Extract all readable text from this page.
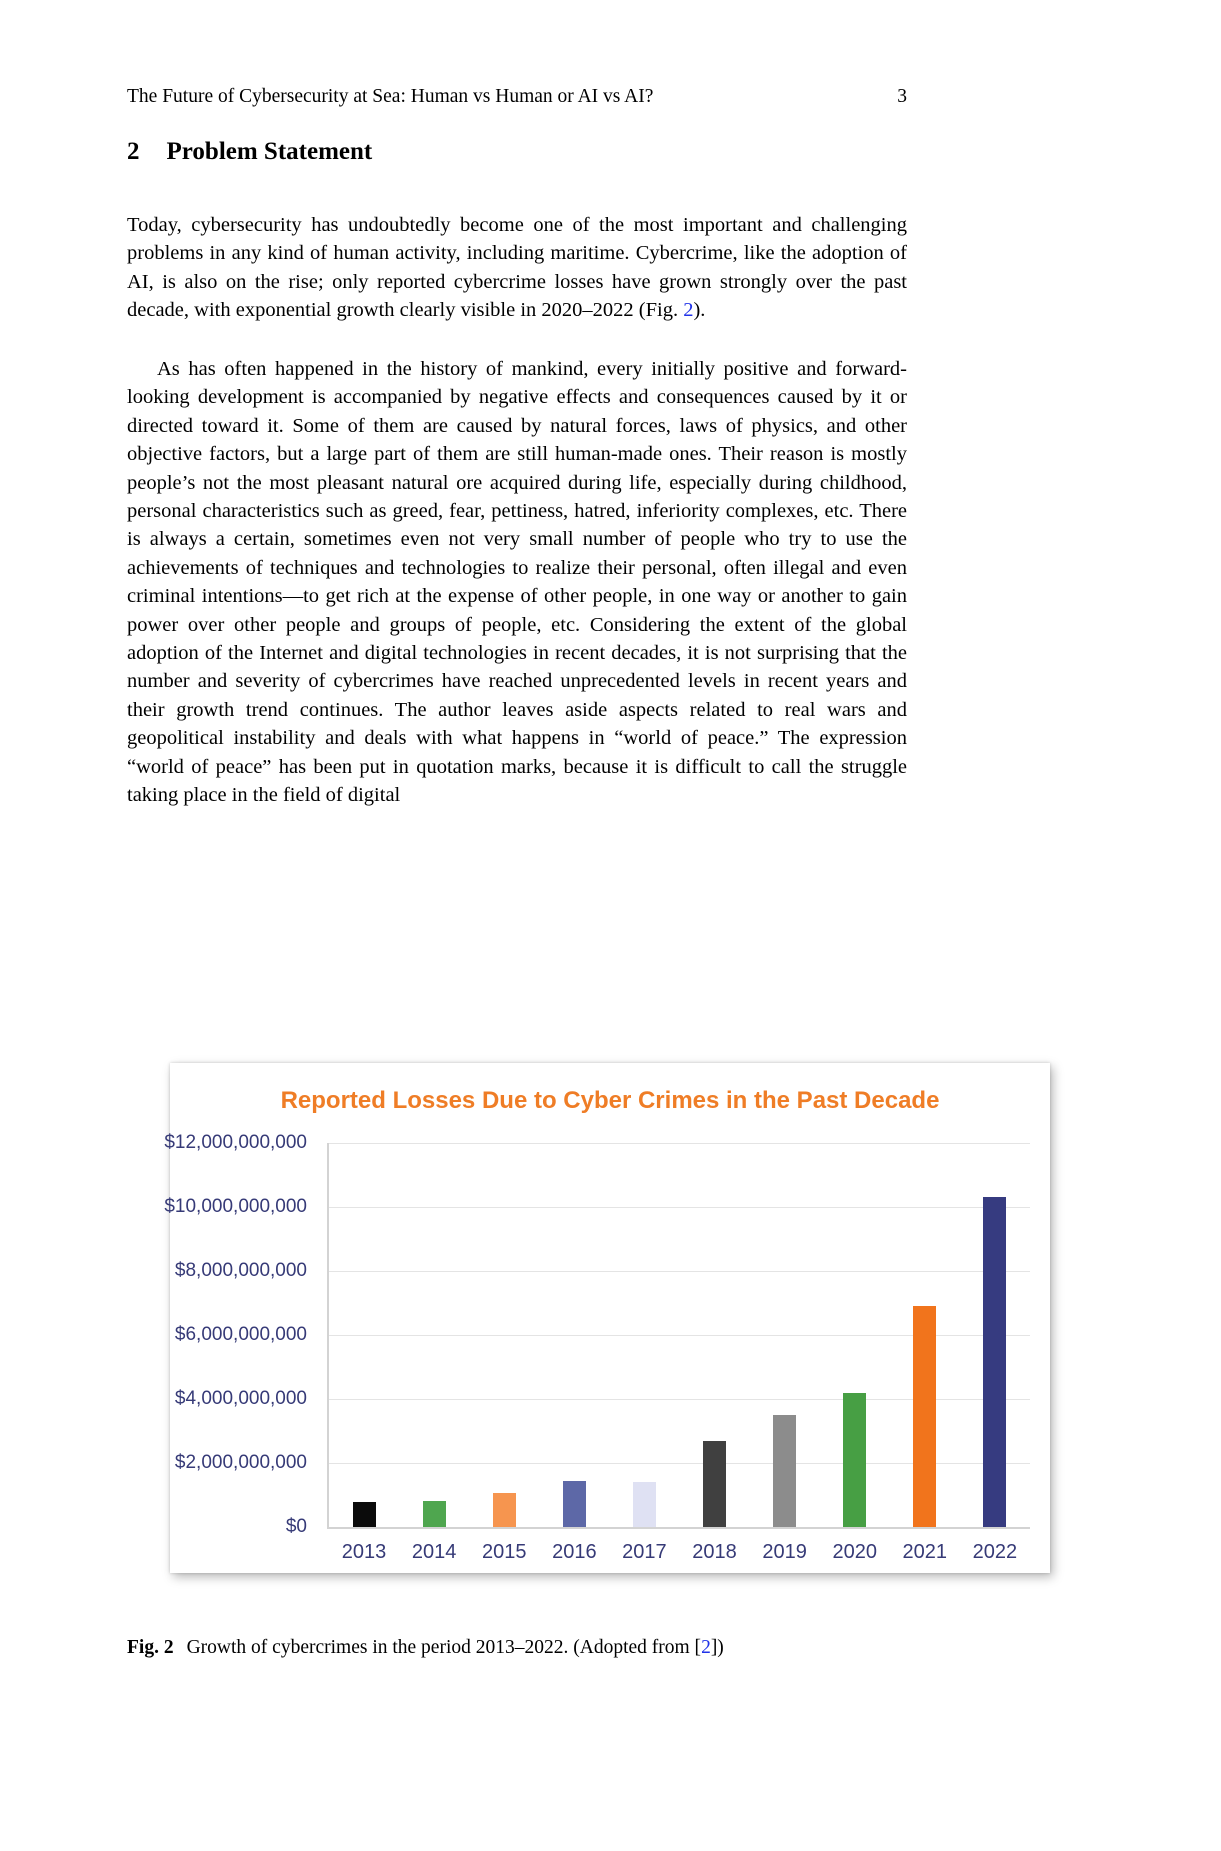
The Future of Cybersecurity at Sea: Human vs Human or AI vs AI?	3
2 Problem Statement

Today, cybersecurity has undoubtedly become one of the most important and challenging problems in any kind of human activity, including maritime. Cybercrime, like the adoption of AI, is also on the rise; only reported cybercrime losses have grown strongly over the past decade, with exponential growth clearly visible in 2020–2022 (Fig. 2).

As has often happened in the history of mankind, every initially positive and forward-looking development is accompanied by negative effects and consequences caused by it or directed toward it. Some of them are caused by natural forces, laws of physics, and other objective factors, but a large part of them are still human-made ones. Their reason is mostly people’s not the most pleasant natural ore acquired during life, especially during childhood, personal characteristics such as greed, fear, pettiness, hatred, inferiority complexes, etc. There is always a certain, sometimes even not very small number of people who try to use the achievements of techniques and technologies to realize their personal, often illegal and even criminal intentions—to get rich at the expense of other people, in one way or another to gain power over other people and groups of people, etc. Considering the extent of the global adoption of the Internet and digital technologies in recent decades, it is not surprising that the number and severity of cybercrimes have reached unprecedented levels in recent years and their growth trend continues. The author leaves aside aspects related to real wars and geopolitical instability and deals with what happens in “world of peace.” The expression “world of peace” has been put in quotation marks, because it is difficult to call the struggle taking place in the field of digital

Reported Losses Due to Cyber Crimes in the Past Decade
$0
$2,000,000,000
$4,000,000,000
$6,000,000,000
$8,000,000,000
$10,000,000,000
$12,000,000,000
2013	2014	2015	2016	2017	2018	2019	2020	2021	2022

Fig. 2 Growth of cybercrimes in the period 2013–2022. (Adopted from [2])
